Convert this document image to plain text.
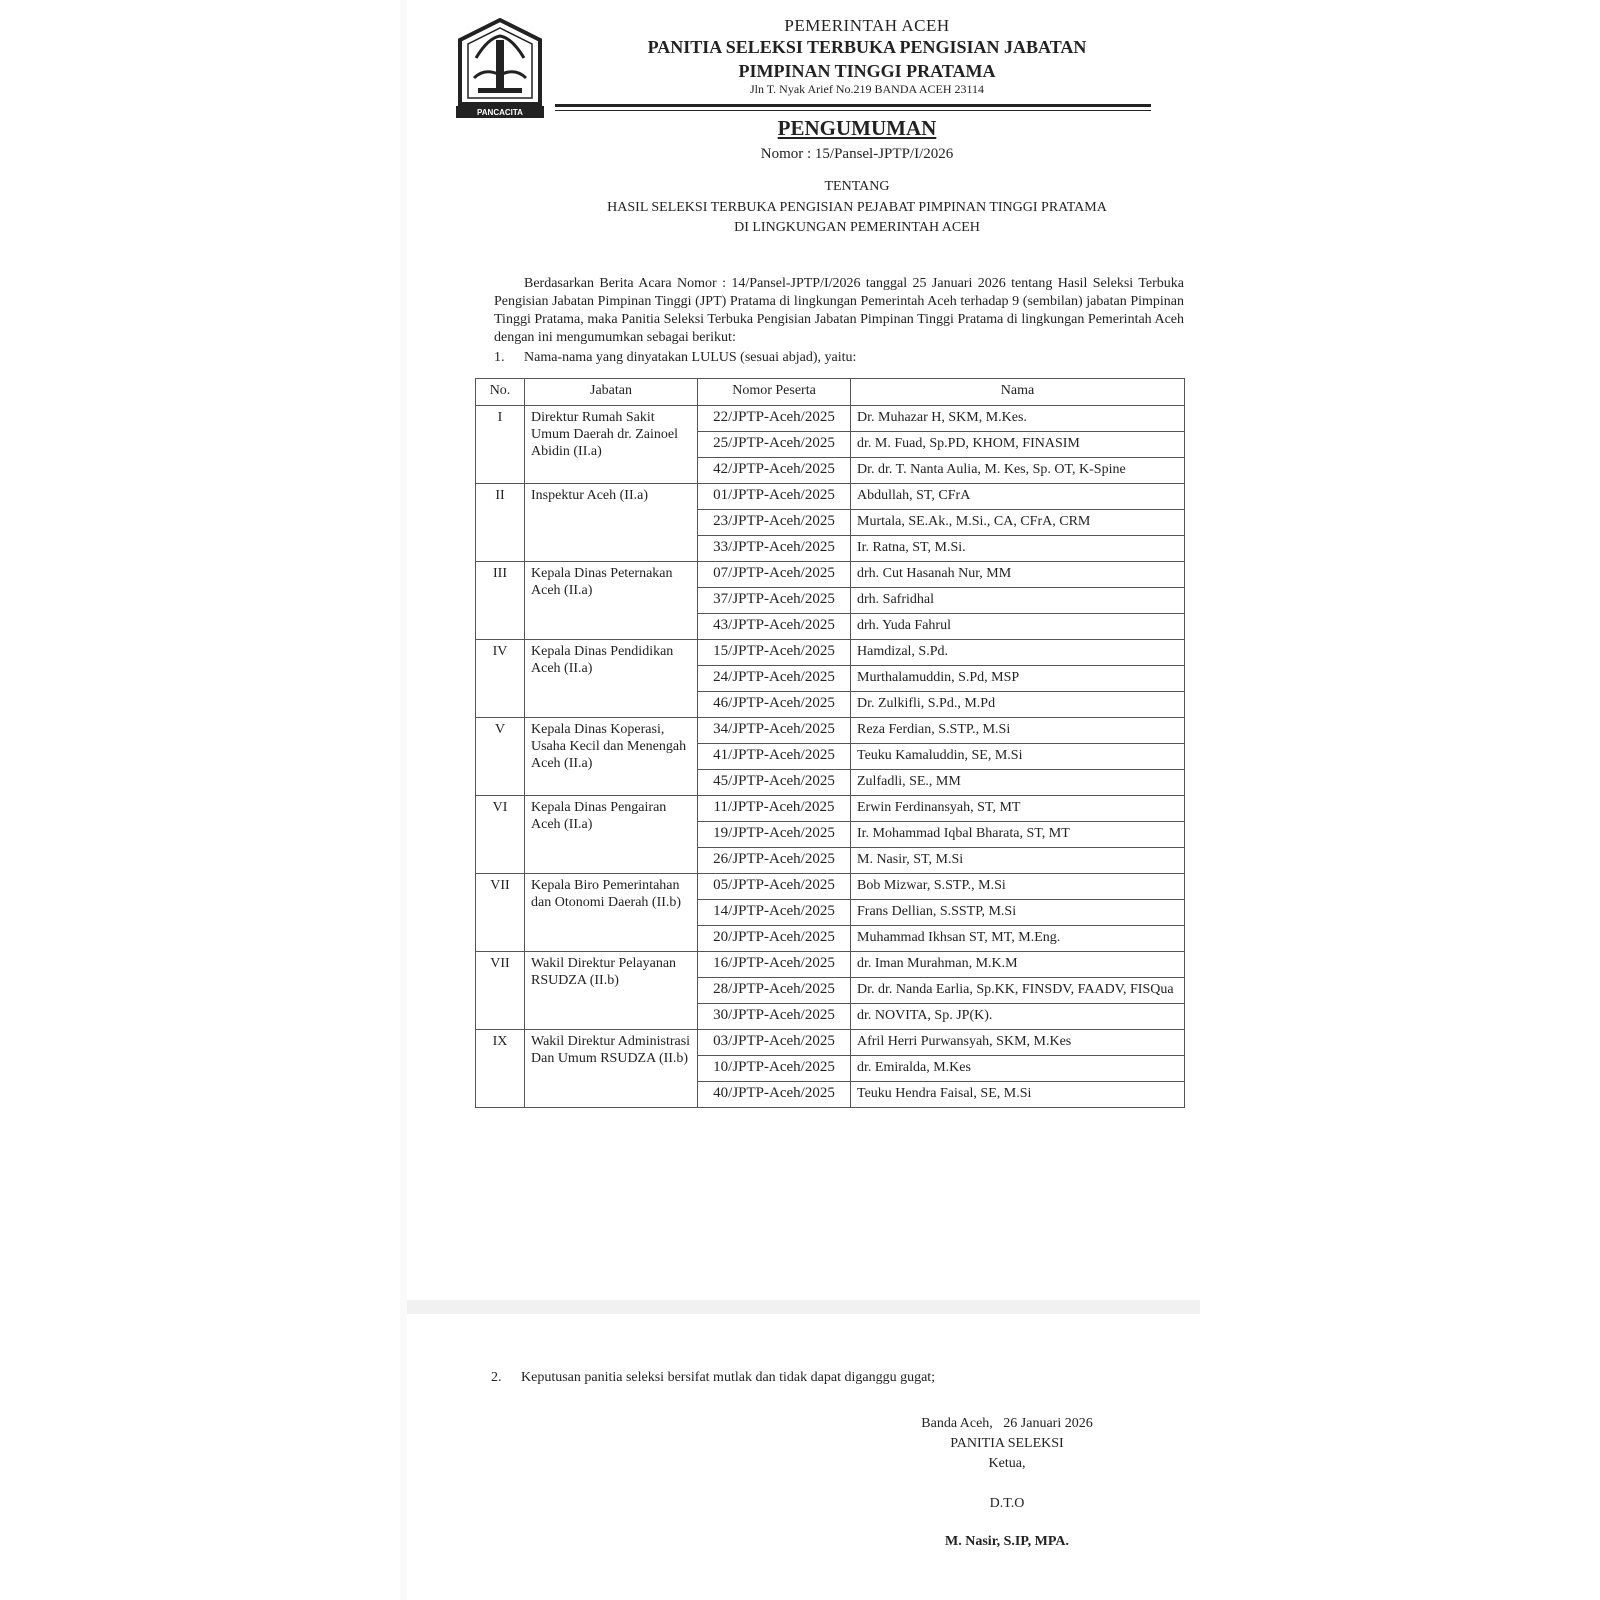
PANCACITA
PEMERINTAH ACEH
PANITIA SELEKSI TERBUKA PENGISIAN JABATAN
PIMPINAN TINGGI PRATAMA
Jln T. Nyak Arief No.219 BANDA ACEH 23114
PENGUMUMAN
Nomor : 15/Pansel-JPTP/I/2026
TENTANG
HASIL SELEKSI TERBUKA PENGISIAN PEJABAT PIMPINAN TINGGI PRATAMA
DI LINGKUNGAN PEMERINTAH ACEH
Berdasarkan Berita Acara Nomor : 14/Pansel-JPTP/I/2026 tanggal 25 Januari 2026 tentang Hasil Seleksi Terbuka Pengisian Jabatan Pimpinan Tinggi (JPT) Pratama di lingkungan Pemerintah Aceh terhadap 9 (sembilan) jabatan Pimpinan Tinggi Pratama, maka Panitia Seleksi Terbuka Pengisian Jabatan Pimpinan Tinggi Pratama di lingkungan Pemerintah Aceh dengan ini mengumumkan sebagai berikut:
1. Nama-nama yang dinyatakan LULUS (sesuai abjad), yaitu:
No.	Jabatan	Nomor Peserta	Nama
I	Direktur Rumah Sakit Umum Daerah dr. Zainoel Abidin (II.a)	22/JPTP-Aceh/2025	Dr. Muhazar H, SKM, M.Kes.
		25/JPTP-Aceh/2025	dr. M. Fuad, Sp.PD, KHOM, FINASIM
		42/JPTP-Aceh/2025	Dr. dr. T. Nanta Aulia, M. Kes, Sp. OT, K-Spine
II	Inspektur Aceh (II.a)	01/JPTP-Aceh/2025	Abdullah, ST, CFrA
		23/JPTP-Aceh/2025	Murtala, SE.Ak., M.Si., CA, CFrA, CRM
		33/JPTP-Aceh/2025	Ir. Ratna, ST, M.Si.
III	Kepala Dinas Peternakan Aceh (II.a)	07/JPTP-Aceh/2025	drh. Cut Hasanah Nur, MM
		37/JPTP-Aceh/2025	drh. Safridhal
		43/JPTP-Aceh/2025	drh. Yuda Fahrul
IV	Kepala Dinas Pendidikan Aceh (II.a)	15/JPTP-Aceh/2025	Hamdizal, S.Pd.
		24/JPTP-Aceh/2025	Murthalamuddin, S.Pd, MSP
		46/JPTP-Aceh/2025	Dr. Zulkifli, S.Pd., M.Pd
V	Kepala Dinas Koperasi, Usaha Kecil dan Menengah Aceh (II.a)	34/JPTP-Aceh/2025	Reza Ferdian, S.STP., M.Si
		41/JPTP-Aceh/2025	Teuku Kamaluddin, SE, M.Si
		45/JPTP-Aceh/2025	Zulfadli, SE., MM
VI	Kepala Dinas Pengairan Aceh (II.a)	11/JPTP-Aceh/2025	Erwin Ferdinansyah, ST, MT
		19/JPTP-Aceh/2025	Ir. Mohammad Iqbal Bharata, ST, MT
		26/JPTP-Aceh/2025	M. Nasir, ST, M.Si
VII	Kepala Biro Pemerintahan dan Otonomi Daerah (II.b)	05/JPTP-Aceh/2025	Bob Mizwar, S.STP., M.Si
		14/JPTP-Aceh/2025	Frans Dellian, S.SSTP, M.Si
		20/JPTP-Aceh/2025	Muhammad Ikhsan ST, MT, M.Eng.
VII	Wakil Direktur Pelayanan RSUDZA (II.b)	16/JPTP-Aceh/2025	dr. Iman Murahman, M.K.M
		28/JPTP-Aceh/2025	Dr. dr. Nanda Earlia, Sp.KK, FINSDV, FAADV, FISQua
		30/JPTP-Aceh/2025	dr. NOVITA, Sp. JP(K).
IX	Wakil Direktur Administrasi Dan Umum RSUDZA (II.b)	03/JPTP-Aceh/2025	Afril Herri Purwansyah, SKM, M.Kes
		10/JPTP-Aceh/2025	dr. Emiralda, M.Kes
		40/JPTP-Aceh/2025	Teuku Hendra Faisal, SE, M.Si
2. Keputusan panitia seleksi bersifat mutlak dan tidak dapat diganggu gugat;
Banda Aceh,   26 Januari 2026
PANITIA SELEKSI
Ketua,
D.T.O
M. Nasir, S.IP, MPA.
